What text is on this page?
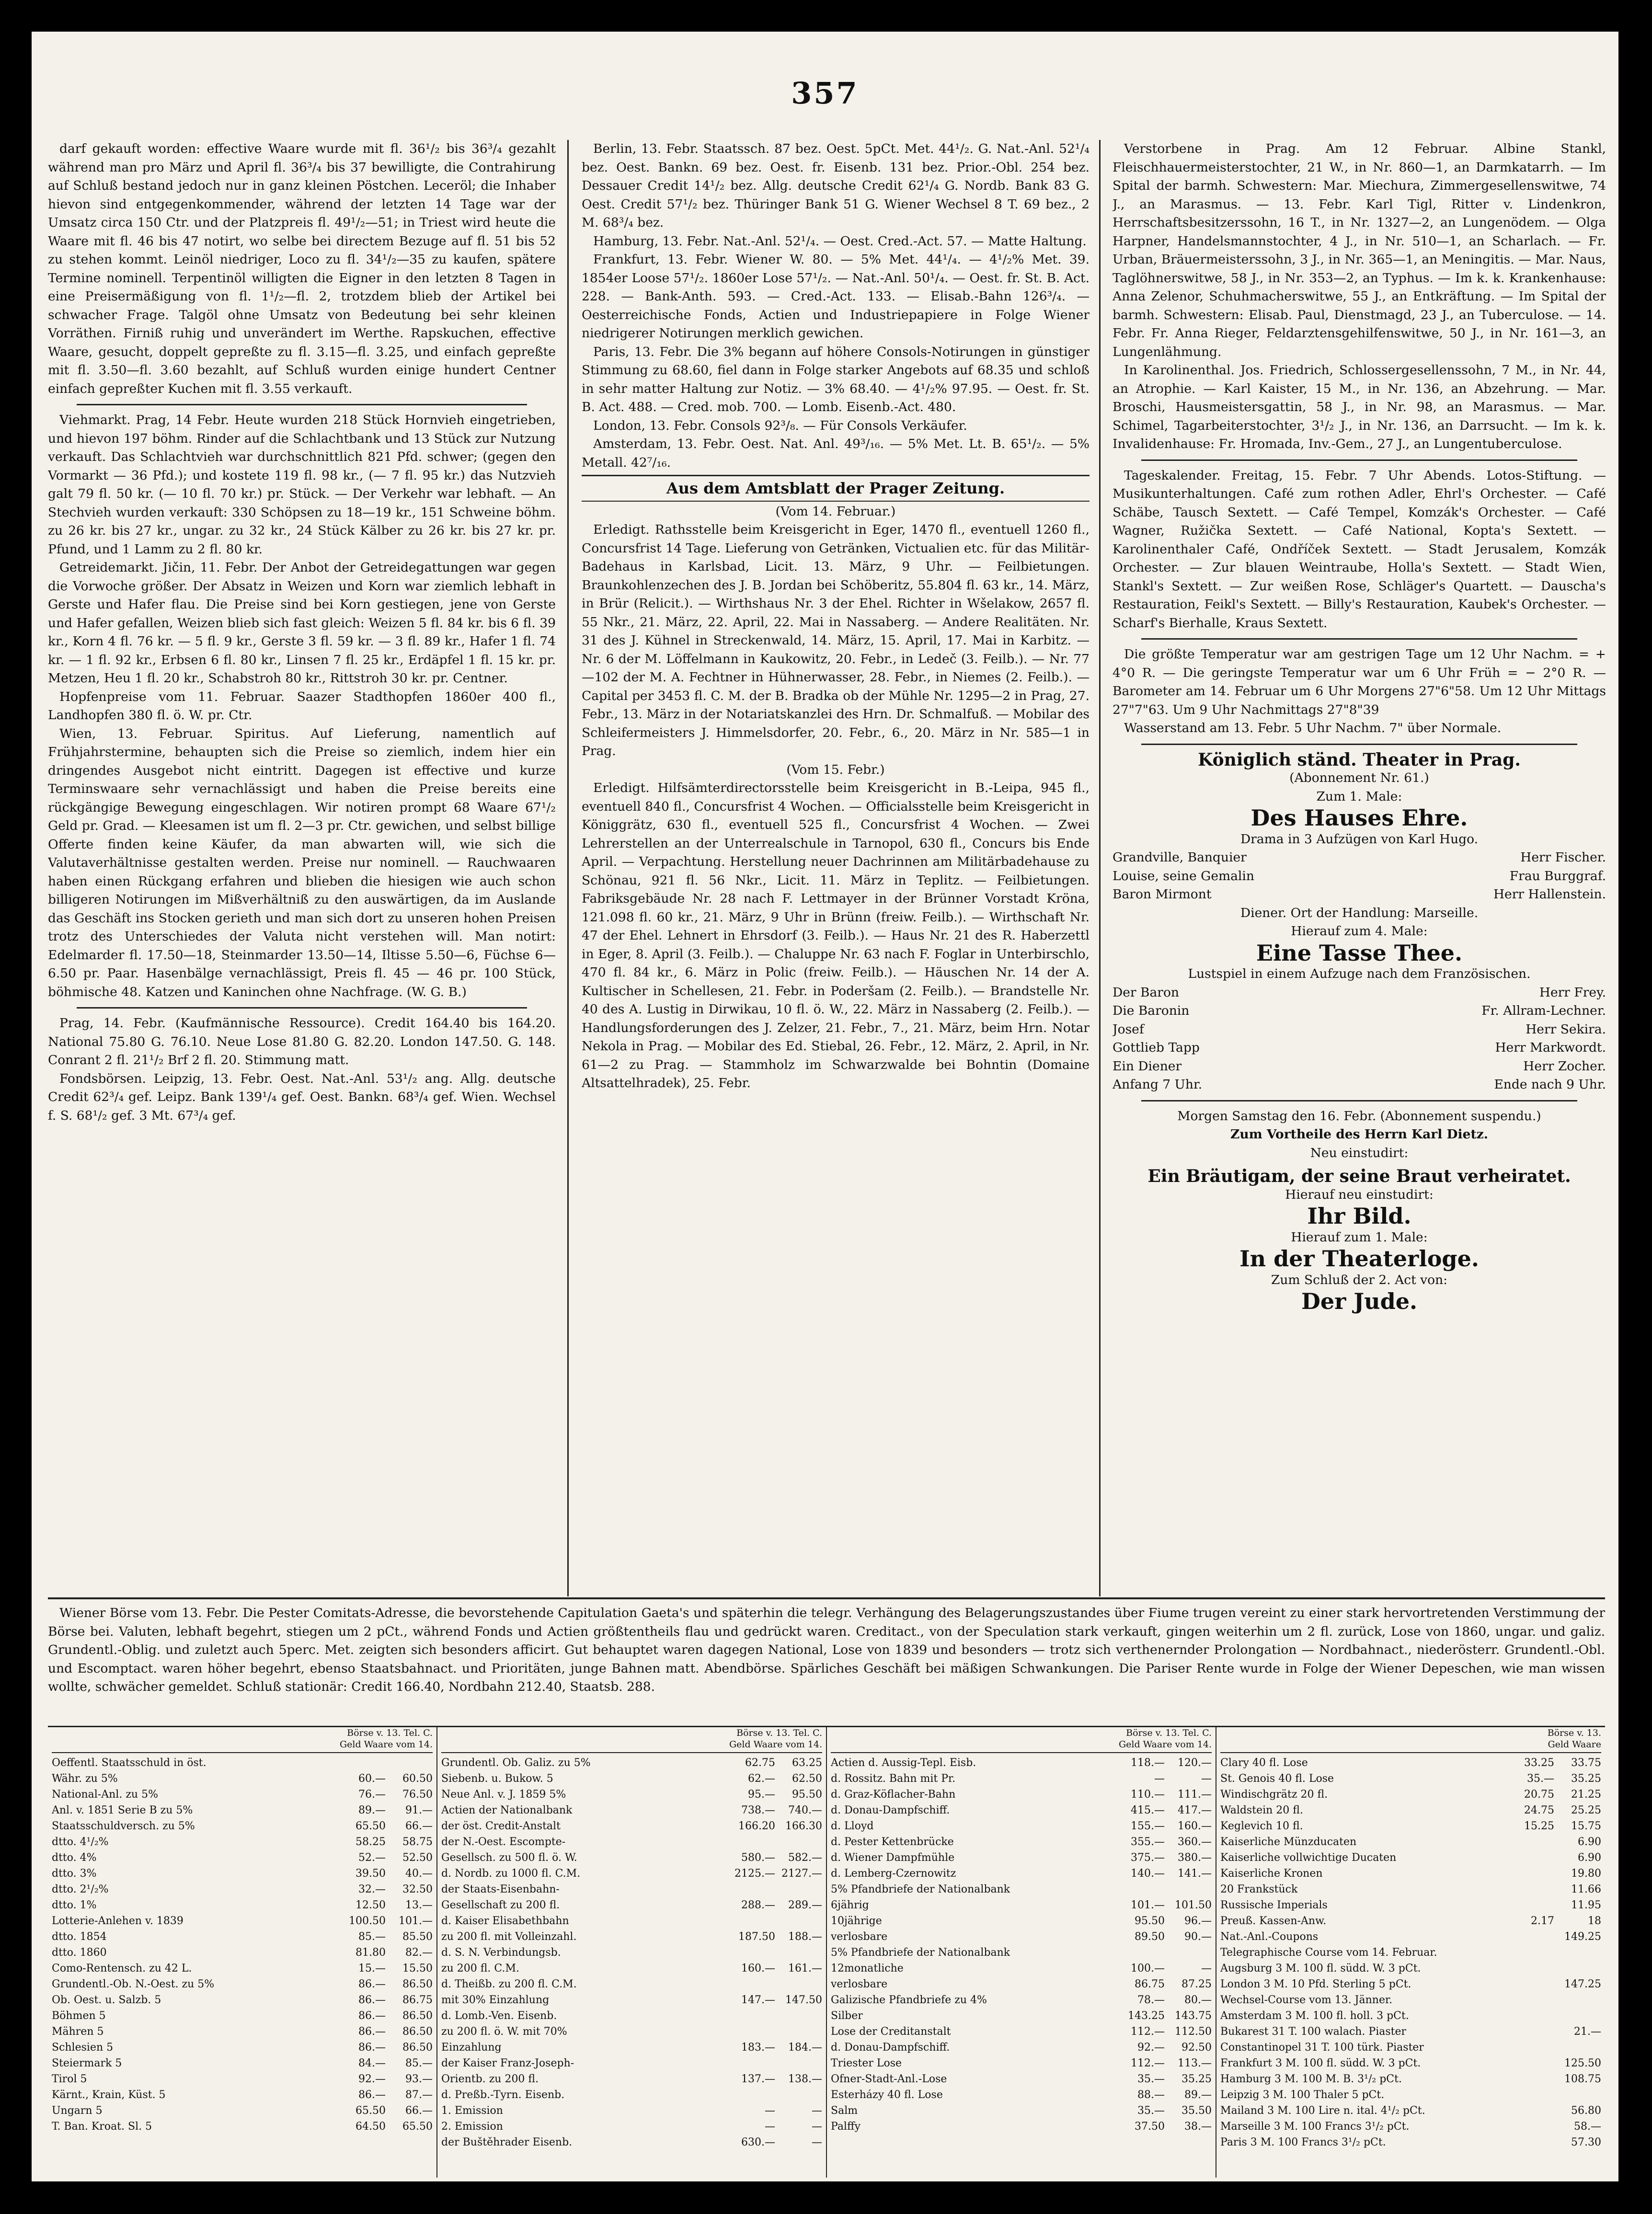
357

darf gekauft worden: effective Waare wurde mit fl. 36¹/₂ bis 36³/₄ gezahlt während man pro März und April fl. 36³/₄ bis 37 bewilligte, die Contrahirung auf Schluß bestand jedoch nur in ganz kleinen Pöstchen. Leceröl; die Inhaber hievon sind entgegenkommender, während der letzten 14 Tage war der Umsatz circa 150 Ctr. und der Platzpreis fl. 49¹/₂—51; in Triest wird heute die Waare mit fl. 46 bis 47 notirt, wo selbe bei directem Bezuge auf fl. 51 bis 52 zu stehen kommt. Leinöl niedriger, Loco zu fl. 34¹/₂—35 zu kaufen, spätere Termine nominell. Terpentinöl willigten die Eigner in den letzten 8 Tagen in eine Preisermäßigung von fl. 1¹/₂—fl. 2, trotzdem blieb der Artikel bei schwacher Frage. Talgöl ohne Umsatz von Bedeutung bei sehr kleinen Vorräthen. Firniß ruhig und unverändert im Werthe. Rapskuchen, effective Waare, gesucht, doppelt gepreßte zu fl. 3.15—fl. 3.25, und einfach gepreßte mit fl. 3.50—fl. 3.60 bezahlt, auf Schluß wurden einige hundert Centner einfach gepreßter Kuchen mit fl. 3.55 verkauft.

Viehmarkt. Prag, 14 Febr. Heute wurden 218 Stück Hornvieh eingetrieben, und hievon 197 böhm. Rinder auf die Schlachtbank und 13 Stück zur Nutzung verkauft. Das Schlachtvieh war durchschnittlich 821 Pfd. schwer; (gegen den Vormarkt — 36 Pfd.); und kostete 119 fl. 98 kr., (— 7 fl. 95 kr.) das Nutzvieh galt 79 fl. 50 kr. (— 10 fl. 70 kr.) pr. Stück. — Der Verkehr war lebhaft. — An Stechvieh wurden verkauft: 330 Schöpsen zu 18—19 kr., 151 Schweine böhm. zu 26 kr. bis 27 kr., ungar. zu 32 kr., 24 Stück Kälber zu 26 kr. bis 27 kr. pr. Pfund, und 1 Lamm zu 2 fl. 80 kr.

Getreidemarkt. Jičin, 11. Febr. Der Anbot der Getreidegattungen war gegen die Vorwoche größer. Der Absatz in Weizen und Korn war ziemlich lebhaft in Gerste und Hafer flau. Die Preise sind bei Korn gestiegen, jene von Gerste und Hafer gefallen, Weizen blieb sich fast gleich: Weizen 5 fl. 84 kr. bis 6 fl. 39 kr., Korn 4 fl. 76 kr. — 5 fl. 9 kr., Gerste 3 fl. 59 kr. — 3 fl. 89 kr., Hafer 1 fl. 74 kr. — 1 fl. 92 kr., Erbsen 6 fl. 80 kr., Linsen 7 fl. 25 kr., Erdäpfel 1 fl. 15 kr. pr. Metzen, Heu 1 fl. 20 kr., Schabstroh 80 kr., Rittstroh 30 kr. pr. Centner.

Hopfenpreise vom 11. Februar. Saazer Stadthopfen 1860er 400 fl., Landhopfen 380 fl. ö. W. pr. Ctr.

Wien, 13. Februar. Spiritus. Auf Lieferung, namentlich auf Frühjahrstermine, behaupten sich die Preise so ziemlich, indem hier ein dringendes Ausgebot nicht eintritt. Dagegen ist effective und kurze Terminswaare sehr vernachlässigt und haben die Preise bereits eine rückgängige Bewegung eingeschlagen. Wir notiren prompt 68 Waare 67¹/₂ Geld pr. Grad. — Kleesamen ist um fl. 2—3 pr. Ctr. gewichen, und selbst billige Offerte finden keine Käufer, da man abwarten will, wie sich die Valutaverhältnisse gestalten werden. Preise nur nominell. — Rauchwaaren haben einen Rückgang erfahren und blieben die hiesigen wie auch schon billigeren Notirungen im Mißverhältniß zu den auswärtigen, da im Auslande das Geschäft ins Stocken gerieth und man sich dort zu unseren hohen Preisen trotz des Unterschiedes der Valuta nicht verstehen will. Man notirt: Edelmarder fl. 17.50—18, Steinmarder 13.50—14, Iltisse 5.50—6, Füchse 6—6.50 pr. Paar. Hasenbälge vernachlässigt, Preis fl. 45 — 46 pr. 100 Stück, böhmische 48. Katzen und Kaninchen ohne Nachfrage. (W. G. B.)

Prag, 14. Febr. (Kaufmännische Ressource). Credit 164.40 bis 164.20. National 75.80 G. 76.10. Neue Lose 81.80 G. 82.20. London 147.50. G. 148. Conrant 2 fl. 21¹/₂ Brf 2 fl. 20. Stimmung matt.

Fondsbörsen. Leipzig, 13. Febr. Oest. Nat.-Anl. 53¹/₂ ang. Allg. deutsche Credit 62³/₄ gef. Leipz. Bank 139¹/₄ gef. Oest. Bankn. 68³/₄ gef. Wien. Wechsel f. S. 68¹/₂ gef. 3 Mt. 67³/₄ gef.

Berlin, 13. Febr. Staatssch. 87 bez. Oest. 5pCt. Met. 44¹/₂. G. Nat.-Anl. 52¹/₄ bez. Oest. Bankn. 69 bez. Oest. fr. Eisenb. 131 bez. Prior.-Obl. 254 bez. Dessauer Credit 14¹/₂ bez. Allg. deutsche Credit 62¹/₄ G. Nordb. Bank 83 G. Oest. Credit 57¹/₂ bez. Thüringer Bank 51 G. Wiener Wechsel 8 T. 69 bez., 2 M. 68³/₄ bez.

Hamburg, 13. Febr. Nat.-Anl. 52¹/₄. — Oest. Cred.-Act. 57. — Matte Haltung.

Frankfurt, 13. Febr. Wiener W. 80. — 5% Met. 44¹/₄. — 4¹/₂% Met. 39. 1854er Loose 57¹/₂. 1860er Lose 57¹/₂. — Nat.-Anl. 50¹/₄. — Oest. fr. St. B. Act. 228. — Bank-Anth. 593. — Cred.-Act. 133. — Elisab.-Bahn 126³/₄. — Oesterreichische Fonds, Actien und Industriepapiere in Folge Wiener niedrigerer Notirungen merklich gewichen.

Paris, 13. Febr. Die 3% begann auf höhere Consols-Notirungen in günstiger Stimmung zu 68.60, fiel dann in Folge starker Angebots auf 68.35 und schloß in sehr matter Haltung zur Notiz. — 3% 68.40. — 4¹/₂% 97.95. — Oest. fr. St. B. Act. 488. — Cred. mob. 700. — Lomb. Eisenb.-Act. 480.

London, 13. Febr. Consols 92³/₈. — Für Consols Verkäufer.

Amsterdam, 13. Febr. Oest. Nat. Anl. 49³/₁₆. — 5% Met. Lt. B. 65¹/₂. — 5% Metall. 42⁷/₁₆.

Aus dem Amtsblatt der Prager Zeitung.

(Vom 14. Februar.)

Erledigt. Rathsstelle beim Kreisgericht in Eger, 1470 fl., eventuell 1260 fl., Concursfrist 14 Tage. Lieferung von Getränken, Victualien etc. für das Militär-Badehaus in Karlsbad, Licit. 13. März, 9 Uhr. — Feilbietungen. Braunkohlenzechen des J. B. Jordan bei Schöberitz, 55.804 fl. 63 kr., 14. März, in Brür (Relicit.). — Wirthshaus Nr. 3 der Ehel. Richter in Wšelakow, 2657 fl. 55 Nkr., 21. März, 22. April, 22. Mai in Nassaberg. — Andere Realitäten. Nr. 31 des J. Kühnel in Streckenwald, 14. März, 15. April, 17. Mai in Karbitz. — Nr. 6 der M. Löffelmann in Kaukowitz, 20. Febr., in Ledeč (3. Feilb.). — Nr. 77—102 der M. A. Fechtner in Hühnerwasser, 28. Febr., in Niemes (2. Feilb.). — Capital per 3453 fl. C. M. der B. Bradka ob der Mühle Nr. 1295—2 in Prag, 27. Febr., 13. März in der Notariatskanzlei des Hrn. Dr. Schmalfuß. — Mobilar des Schleifermeisters J. Himmelsdorfer, 20. Febr., 6., 20. März in Nr. 585—1 in Prag.

(Vom 15. Febr.)

Erledigt. Hilfsämterdirectorsstelle beim Kreisgericht in B.-Leipa, 945 fl., eventuell 840 fl., Concursfrist 4 Wochen. — Officialsstelle beim Kreisgericht in Königgrätz, 630 fl., eventuell 525 fl., Concursfrist 4 Wochen. — Zwei Lehrerstellen an der Unterrealschule in Tarnopol, 630 fl., Concurs bis Ende April. — Verpachtung. Herstellung neuer Dachrinnen am Militärbadehause zu Schönau, 921 fl. 56 Nkr., Licit. 11. März in Teplitz. — Feilbietungen. Fabriksgebäude Nr. 28 nach F. Lettmayer in der Brünner Vorstadt Kröna, 121.098 fl. 60 kr., 21. März, 9 Uhr in Brünn (freiw. Feilb.). — Wirthschaft Nr. 47 der Ehel. Lehnert in Ehrsdorf (3. Feilb.). — Haus Nr. 21 des R. Haberzettl in Eger, 8. April (3. Feilb.). — Chaluppe Nr. 63 nach F. Foglar in Unterbirschlo, 470 fl. 84 kr., 6. März in Polic (freiw. Feilb.). — Häuschen Nr. 14 der A. Kultischer in Schellesen, 21. Febr. in Poderšam (2. Feilb.). — Brandstelle Nr. 40 des A. Lustig in Dirwikau, 10 fl. ö. W., 22. März in Nassaberg (2. Feilb.). — Handlungsforderungen des J. Zelzer, 21. Febr., 7., 21. März, beim Hrn. Notar Nekola in Prag. — Mobilar des Ed. Stiebal, 26. Febr., 12. März, 2. April, in Nr. 61—2 zu Prag. — Stammholz im Schwarzwalde bei Bohntin (Domaine Altsattelhradek), 25. Febr.

Verstorbene in Prag. Am 12 Februar. Albine Stankl, Fleischhauermeisterstochter, 21 W., in Nr. 860—1, an Darmkatarrh. — Im Spital der barmh. Schwestern: Mar. Miechura, Zimmergesellenswitwe, 74 J., an Marasmus. — 13. Febr. Karl Tigl, Ritter v. Lindenkron, Herrschaftsbesitzerssohn, 16 T., in Nr. 1327—2, an Lungenödem. — Olga Harpner, Handelsmannstochter, 4 J., in Nr. 510—1, an Scharlach. — Fr. Urban, Bräuermeisterssohn, 3 J., in Nr. 365—1, an Meningitis. — Mar. Naus, Taglöhnerswitwe, 58 J., in Nr. 353—2, an Typhus. — Im k. k. Krankenhause: Anna Zelenor, Schuhmacherswitwe, 55 J., an Entkräftung. — Im Spital der barmh. Schwestern: Elisab. Paul, Dienstmagd, 23 J., an Tuberculose. — 14. Febr. Fr. Anna Rieger, Feldarztensgehilfenswitwe, 50 J., in Nr. 161—3, an Lungenlähmung.

In Karolinenthal. Jos. Friedrich, Schlossergesellenssohn, 7 M., in Nr. 44, an Atrophie. — Karl Kaister, 15 M., in Nr. 136, an Abzehrung. — Mar. Broschi, Hausmeistersgattin, 58 J., in Nr. 98, an Marasmus. — Mar. Schimel, Tagarbeiterstochter, 3¹/₂ J., in Nr. 136, an Darrsucht. — Im k. k. Invalidenhause: Fr. Hromada, Inv.-Gem., 27 J., an Lungentuberculose.

Tageskalender. Freitag, 15. Febr. 7 Uhr Abends. Lotos-Stiftung. — Musikunterhaltungen. Café zum rothen Adler, Ehrl's Orchester. — Café Schäbe, Tausch Sextett. — Café Tempel, Komzák's Orchester. — Café Wagner, Ružička Sextett. — Café National, Kopta's Sextett. — Karolinenthaler Café, Ondříček Sextett. — Stadt Jerusalem, Komzák Orchester. — Zur blauen Weintraube, Holla's Sextett. — Stadt Wien, Stankl's Sextett. — Zur weißen Rose, Schläger's Quartett. — Dauscha's Restauration, Feikl's Sextett. — Billy's Restauration, Kaubek's Orchester. — Scharf's Bierhalle, Kraus Sextett.

Die größte Temperatur war am gestrigen Tage um 12 Uhr Nachm. = + 4°0 R. — Die geringste Temperatur war um 6 Uhr Früh = − 2°0 R. — Barometer am 14. Februar um 6 Uhr Morgens 27"6"58. Um 12 Uhr Mittags 27"7"63. Um 9 Uhr Nachmittags 27"8"39

Wasserstand am 13. Febr. 5 Uhr Nachm. 7" über Normale.

Königlich ständ. Theater in Prag.

(Abonnement Nr. 61.)

Zum 1. Male:

Des Hauses Ehre.

Drama in 3 Aufzügen von Karl Hugo.

Grandville, Banquier	Herr Fischer.
Louise, seine Gemalin	Frau Burggraf.
Baron Mirmont	Herr Hallenstein.

Diener. Ort der Handlung: Marseille.

Hierauf zum 4. Male:

Eine Tasse Thee.

Lustspiel in einem Aufzuge nach dem Französischen.

Der Baron	Herr Frey.
Die Baronin	Fr. Allram-Lechner.
Josef	Herr Sekira.
Gottlieb Tapp	Herr Markwordt.
Ein Diener	Herr Zocher.
Anfang 7 Uhr.	Ende nach 9 Uhr.

Morgen Samstag den 16. Febr. (Abonnement suspendu.)

Zum Vortheile des Herrn Karl Dietz.

Neu einstudirt:

Ein Bräutigam, der seine Braut verheiratet.

Hierauf neu einstudirt:

Ihr Bild.

Hierauf zum 1. Male:

In der Theaterloge.

Zum Schluß der 2. Act von:

Der Jude.

Wiener Börse vom 13. Febr. Die Pester Comitats-Adresse, die bevorstehende Capitulation Gaeta's und späterhin die telegr. Verhängung des Belagerungszustandes über Fiume trugen vereint zu einer stark hervortretenden Verstimmung der Börse bei. Valuten, lebhaft begehrt, stiegen um 2 pCt., während Fonds und Actien größtentheils flau und gedrückt waren. Creditact., von der Speculation stark verkauft, gingen weiterhin um 2 fl. zurück, Lose von 1860, ungar. und galiz. Grundentl.-Oblig. und zuletzt auch 5perc. Met. zeigten sich besonders afficirt. Gut behauptet waren dagegen National, Lose von 1839 und besonders — trotz sich verthenernder Prolongation — Nordbahnact., niederösterr. Grundentl.-Obl. und Escomptact. waren höher begehrt, ebenso Staatsbahnact. und Prioritäten, junge Bahnen matt. Abendbörse. Spärliches Geschäft bei mäßigen Schwankungen. Die Pariser Rente wurde in Folge der Wiener Depeschen, wie man wissen wollte, schwächer gemeldet. Schluß stationär: Credit 166.40, Nordbahn 212.40, Staatsb. 288.

Börse v. 13. Tel. C.
Geld Waare vom 14.
Oeffentl. Staatsschuld in öst.
Währ. zu 5%	60.—	60.50
National-Anl. zu 5%	76.—	76.50
Anl. v. 1851 Serie B zu 5%	89.—	91.—
Staatsschuldversch. zu 5%	65.50	66.—
dtto. 4¹/₂%	58.25	58.75
dtto. 4%	52.—	52.50
dtto. 3%	39.50	40.—
dtto. 2¹/₂%	32.—	32.50
dtto. 1%	12.50	13.—
Lotterie-Anlehen v. 1839	100.50	101.—
dtto. 1854	85.—	85.50
dtto. 1860	81.80	82.—
Como-Rentensch. zu 42 L.	15.—	15.50
Grundentl.-Ob. N.-Oest. zu 5%	86.—	86.50
Ob. Oest. u. Salzb. 5	86.—	86.75
Böhmen 5	86.—	86.50
Mähren 5	86.—	86.50
Schlesien 5	86.—	86.50
Steiermark 5	84.—	85.—
Tirol 5	92.—	93.—
Kärnt., Krain, Küst. 5	86.—	87.—
Ungarn 5	65.50	66.—
T. Ban. Kroat. Sl. 5	64.50	65.50
Börse v. 13. Tel. C.
Geld Waare vom 14.
Grundentl. Ob. Galiz. zu 5%	62.75	63.25
Siebenb. u. Bukow. 5	62.—	62.50
Neue Anl. v. J. 1859 5%	95.—	95.50
Actien der Nationalbank	738.—	740.—
der öst. Credit-Anstalt	166.20 166.30
der N.-Oest. Escompte-
Gesellsch. zu 500 fl. ö. W.	580.—	582.—
d. Nordb. zu 1000 fl. C.M.	2125.— 2127.—
der Staats-Eisenbahn-
Gesellschaft zu 200 fl.	288.—	289.—
d. Kaiser Elisabethbahn
zu 200 fl. mit Volleinzahl.	187.50	188.—
d. S. N. Verbindungsb.
zu 200 fl. C.M.	160.—	161.—
d. Theißb. zu 200 fl. C.M.
mit 30% Einzahlung	147.— 147.50
d. Lomb.-Ven. Eisenb.
zu 200 fl. ö. W. mit 70%
Einzahlung	183.—	184.—
der Kaiser Franz-Joseph-
Orientb. zu 200 fl.	137.—	138.—
d. Preßb.-Tyrn. Eisenb.
1. Emission	—	—
2. Emission	—	—
der Buštěhrader Eisenb.	630.—	—
Börse v. 13. Tel. C.
Geld Waare vom 14.
Actien d. Aussig-Tepl. Eisb.	118.—	120.—
d. Rossitz. Bahn mit Pr.	—	—
d. Graz-Köflacher-Bahn	110.—	111.—
d. Donau-Dampfschiff.	415.—	417.—
d. Lloyd	155.—	160.—
d. Pester Kettenbrücke	355.—	360.—
d. Wiener Dampfmühle	375.—	380.—
d. Lemberg-Czernowitz	140.—	141.—
5% Pfandbriefe der Nationalbank
6jährig	101.— 101.50
10jährige	95.50	96.—
verlosbare	89.50	90.—
5% Pfandbriefe der Nationalbank
12monatliche	100.—	—
verlosbare	86.75	87.25
Galizische Pfandbriefe zu 4%	78.—	80.—
Silber	143.25 143.75
Lose der Creditanstalt	112.— 112.50
d. Donau-Dampfschiff.	92.—	92.50
Triester Lose	112.—	113.—
Ofner-Stadt-Anl.-Lose	35.—	35.25
Esterházy 40 fl. Lose	88.—	89.—
Salm	35.—	35.50
Palffy	37.50	38.—
Börse v. 13.
Geld Waare
Clary 40 fl. Lose	33.25	33.75
St. Genois 40 fl. Lose	35.—	35.25
Windischgrätz 20 fl.	20.75	21.25
Waldstein 20 fl.	24.75	25.25
Keglevich 10 fl.	15.25	15.75
Kaiserliche Münzducaten	6.90
Kaiserliche vollwichtige Ducaten	6.90
Kaiserliche Kronen	19.80
20 Frankstück	11.66
Russische Imperials	11.95
Preuß. Kassen-Anw.	2.17	18
Nat.-Anl.-Coupons	149.25
Telegraphische Course vom 14. Februar.
Augsburg 3 M. 100 fl. südd. W. 3 pCt.
London 3 M. 10 Pfd. Sterling 5 pCt.	147.25
Wechsel-Course vom 13. Jänner.
Amsterdam 3 M. 100 fl. holl. 3 pCt.
Bukarest 31 T. 100 walach. Piaster	21.—
Constantinopel 31 T. 100 türk. Piaster
Frankfurt 3 M. 100 fl. südd. W. 3 pCt.	125.50
Hamburg 3 M. 100 M. B. 3¹/₂ pCt.	108.75
Leipzig 3 M. 100 Thaler 5 pCt.
Mailand 3 M. 100 Lire n. ital. 4¹/₂ pCt.	56.80
Marseille 3 M. 100 Francs 3¹/₂ pCt.	58.—
Paris 3 M. 100 Francs 3¹/₂ pCt.	57.30
